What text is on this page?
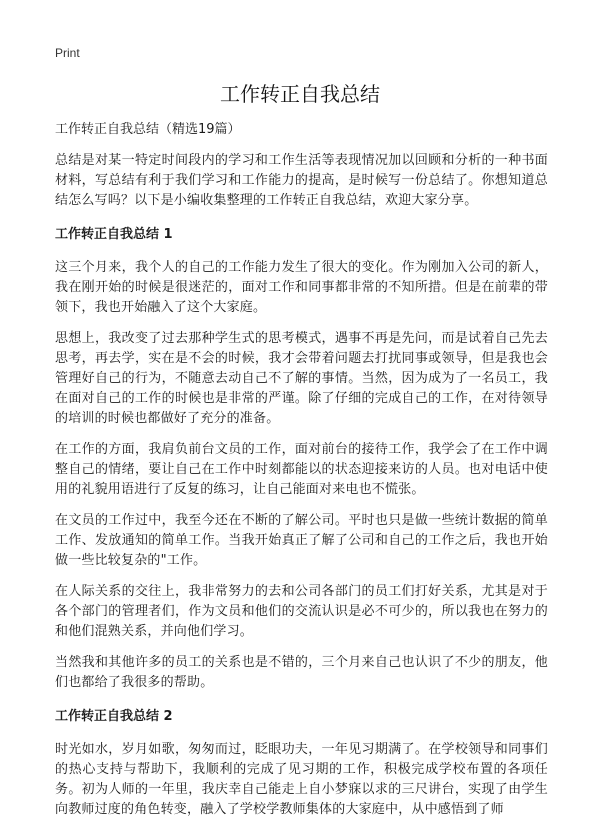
Print
工作转正自我总结

工作转正自我总结（精选19篇）

总结是对某一特定时间段内的学习和工作生活等表现情况加以回顾和分析的一种书面材料，写总结有利于我们学习和工作能力的提高，是时候写一份总结了。你想知道总结怎么写吗？以下是小编收集整理的工作转正自我总结，欢迎大家分享。

工作转正自我总结 1

这三个月来，我个人的自己的工作能力发生了很大的变化。作为刚加入公司的新人，我在刚开始的时候是很迷茫的，面对工作和同事都非常的不知所措。但是在前辈的带领下，我也开始融入了这个大家庭。

思想上，我改变了过去那种学生式的思考模式，遇事不再是先问，而是试着自己先去思考，再去学，实在是不会的时候，我才会带着问题去打扰同事或领导，但是我也会管理好自己的行为，不随意去动自己不了解的事情。当然，因为成为了一名员工，我在面对自己的工作的时候也是非常的严谨。除了仔细的完成自己的工作，在对待领导的培训的时候也都做好了充分的准备。

在工作的方面，我肩负前台文员的工作，面对前台的接待工作，我学会了在工作中调整自己的情绪，要让自己在工作中时刻都能以的状态迎接来访的人员。也对电话中使用的礼貌用语进行了反复的练习，让自己能面对来电也不慌张。

在文员的工作过中，我至今还在不断的了解公司。平时也只是做一些统计数据的简单工作、发放通知的简单工作。当我开始真正了解了公司和自己的工作之后，我也开始做一些比较复杂的"工作。

在人际关系的交往上，我非常努力的去和公司各部门的员工们打好关系，尤其是对于各个部门的管理者们，作为文员和他们的交流认识是必不可少的，所以我也在努力的和他们混熟关系，并向他们学习。

当然我和其他许多的员工的关系也是不错的，三个月来自己也认识了不少的朋友，他们也都给了我很多的帮助。

工作转正自我总结 2

时光如水，岁月如歌，匆匆而过，眨眼功夫，一年见习期满了。在学校领导和同事们的热心支持与帮助下，我顺利的完成了见习期的工作，积极完成学校布置的各项任务。初为人师的一年里，我庆幸自己能走上自小梦寐以求的三尺讲台，实现了由学生向教师过度的角色转变，融入了学校学教师集体的大家庭中，从中感悟到了师
